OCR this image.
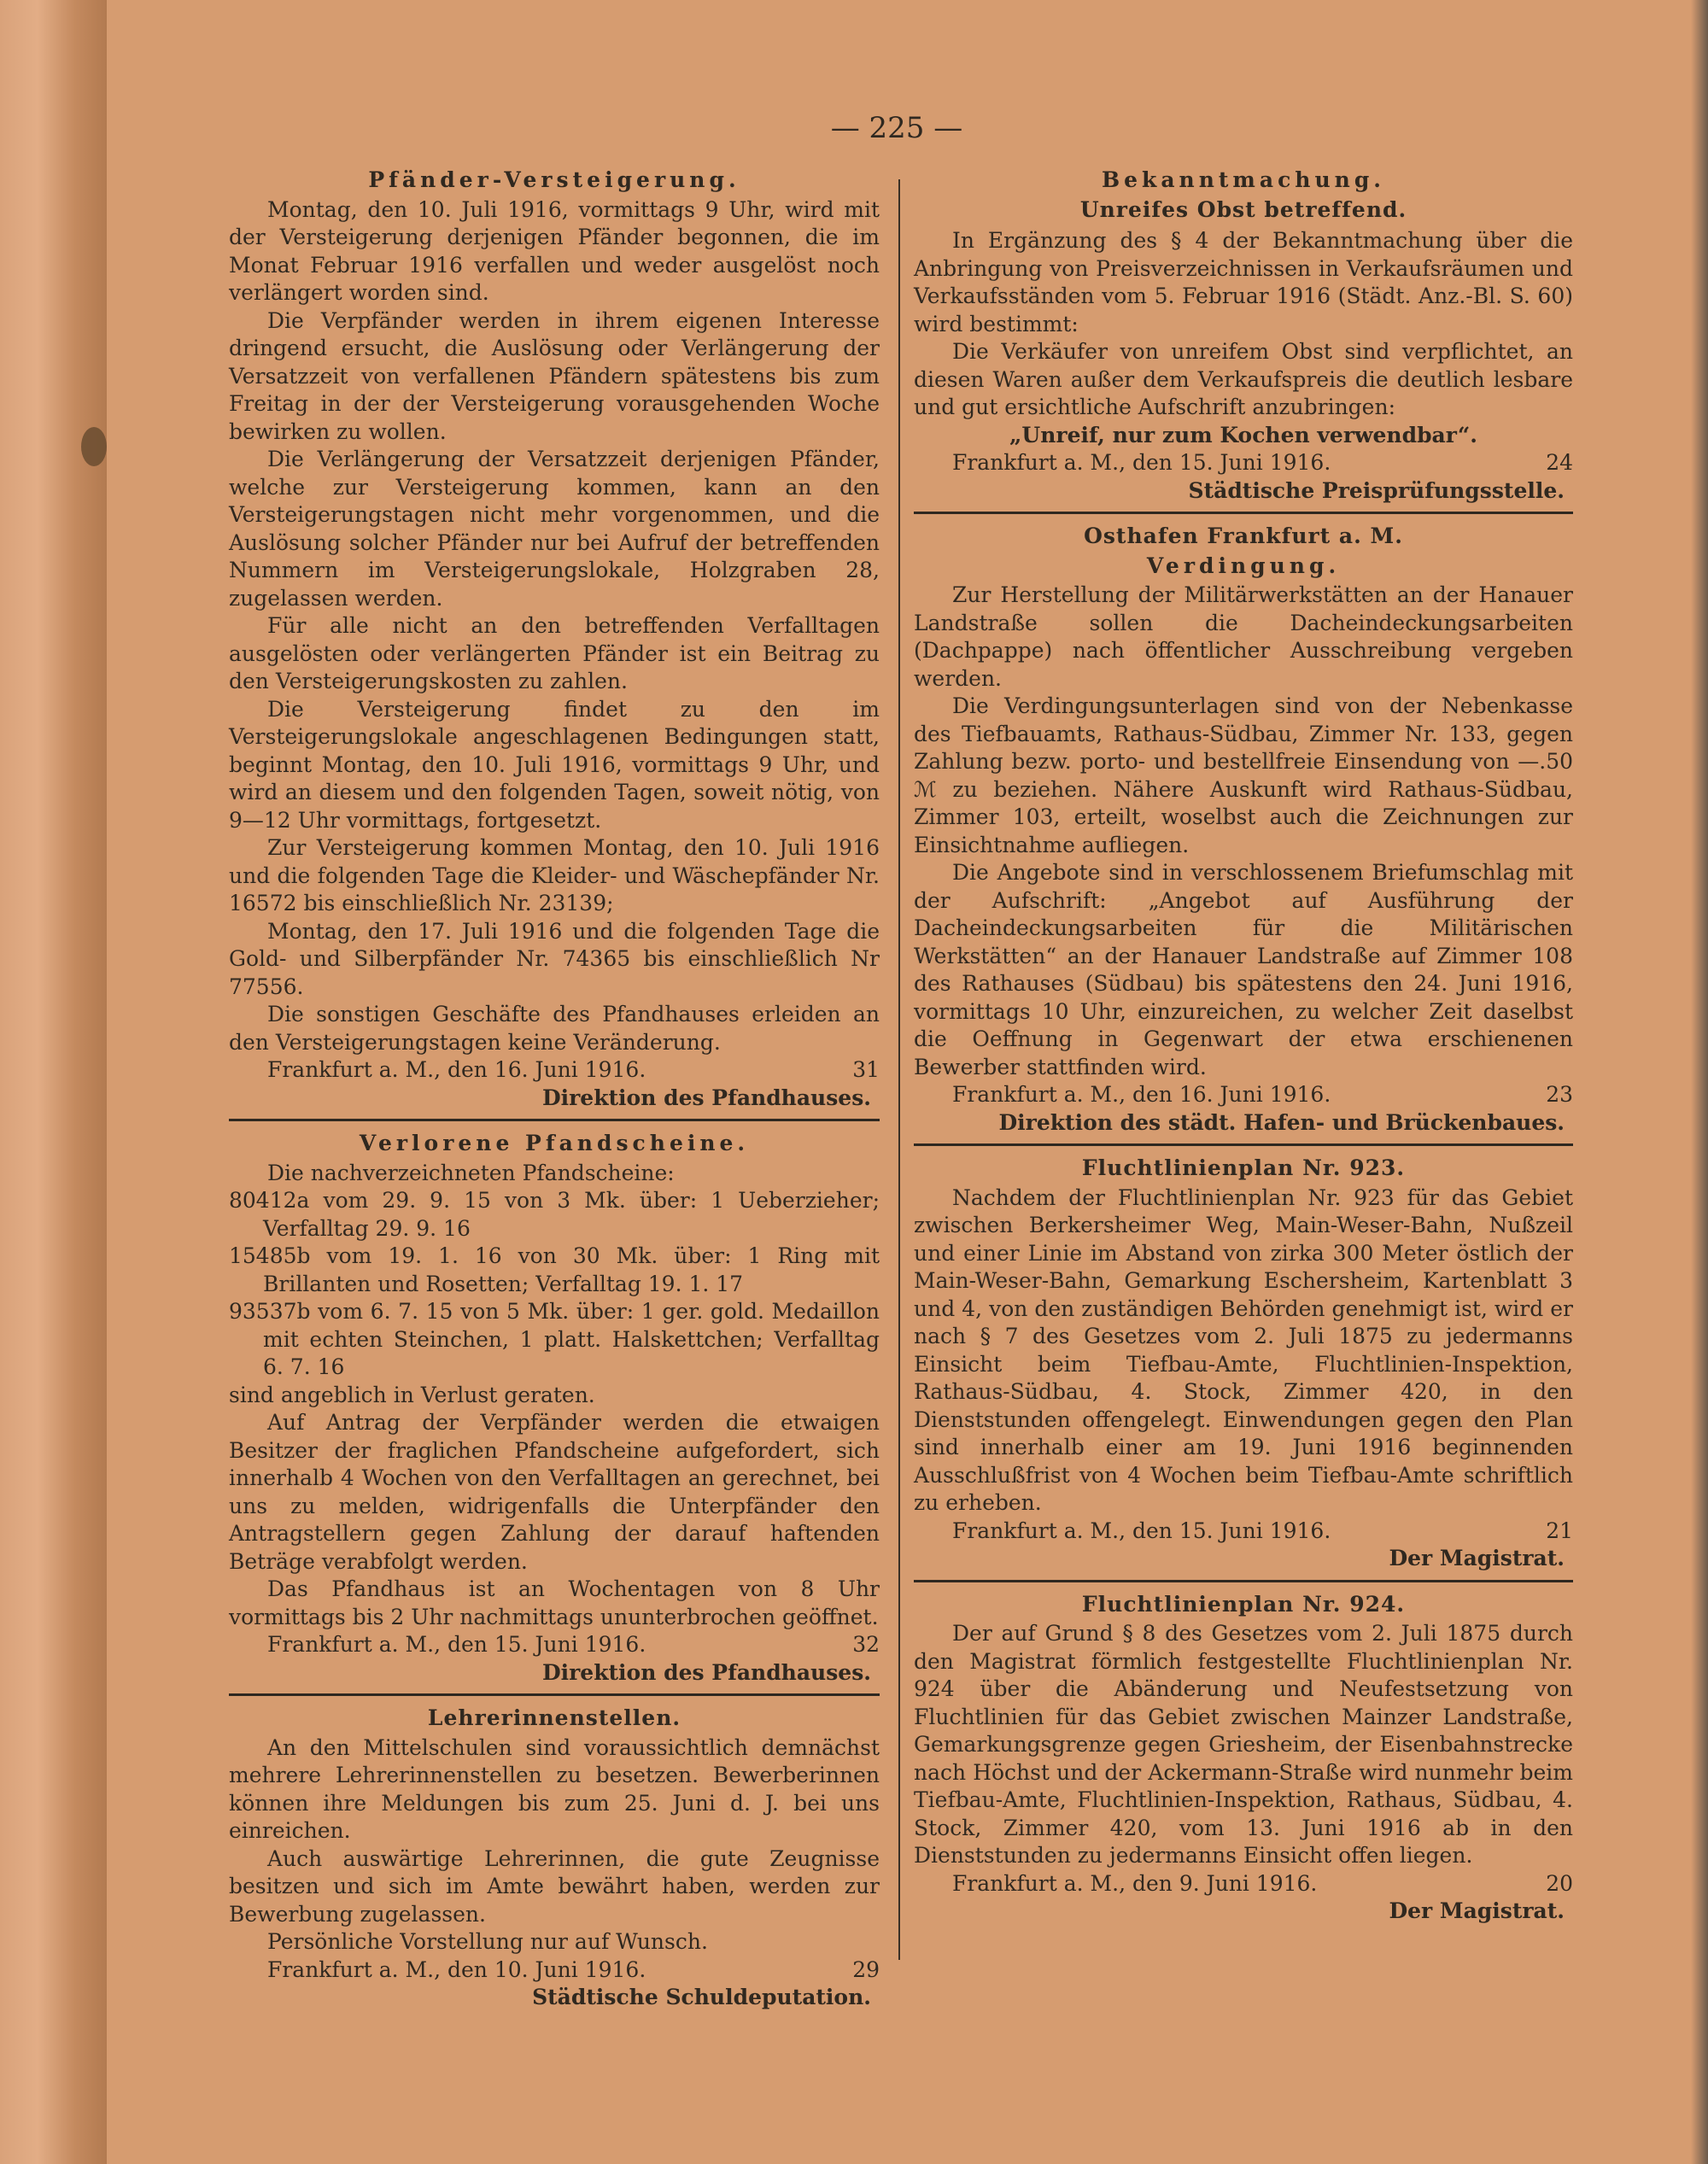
— 225 —
Pfänder-Versteigerung.

Montag, den 10. Juli 1916, vormittags 9 Uhr, wird mit der Versteigerung derjenigen Pfänder begonnen, die im Monat Februar 1916 verfallen und weder ausgelöst noch verlängert worden sind.

Die Verpfänder werden in ihrem eigenen Interesse dringend ersucht, die Auslösung oder Verlängerung der Versatzzeit von verfallenen Pfändern spätestens bis zum Freitag in der der Versteigerung vorausgehenden Woche bewirken zu wollen.

Die Verlängerung der Versatzzeit derjenigen Pfänder, welche zur Versteigerung kommen, kann an den Versteigerungstagen nicht mehr vorgenommen, und die Auslösung solcher Pfänder nur bei Aufruf der betreffenden Nummern im Versteigerungslokale, Holzgraben 28, zugelassen werden.

Für alle nicht an den betreffenden Verfalltagen ausgelösten oder verlängerten Pfänder ist ein Beitrag zu den Versteigerungskosten zu zahlen.

Die Versteigerung findet zu den im Versteigerungslokale angeschlagenen Bedingungen statt, beginnt Montag, den 10. Juli 1916, vormittags 9 Uhr, und wird an diesem und den folgenden Tagen, soweit nötig, von 9—12 Uhr vormittags, fortgesetzt.

Zur Versteigerung kommen Montag, den 10. Juli 1916 und die folgenden Tage die Kleider- und Wäschepfänder Nr. 16572 bis einschließlich Nr. 23139;

Montag, den 17. Juli 1916 und die folgenden Tage die Gold- und Silberpfänder Nr. 74365 bis einschließlich Nr 77556.

Die sonstigen Geschäfte des Pfandhauses erleiden an den Versteigerungstagen keine Veränderung.

Frankfurt a. M., den 16. Juni 1916.	31
Direktion des Pfandhauses.
Verlorene Pfandscheine.

Die nachverzeichneten Pfandscheine:

80412a vom 29. 9. 15 von 3 Mk. über: 1 Ueberzieher; Verfalltag 29. 9. 16

15485b vom 19. 1. 16 von 30 Mk. über: 1 Ring mit Brillanten und Rosetten; Verfalltag 19. 1. 17

93537b vom 6. 7. 15 von 5 Mk. über: 1 ger. gold. Medaillon mit echten Steinchen, 1 platt. Halskettchen; Verfalltag 6. 7. 16

sind angeblich in Verlust geraten.

Auf Antrag der Verpfänder werden die etwaigen Besitzer der fraglichen Pfandscheine aufgefordert, sich innerhalb 4 Wochen von den Verfalltagen an gerechnet, bei uns zu melden, widrigenfalls die Unterpfänder den Antragstellern gegen Zahlung der darauf haftenden Beträge verabfolgt werden.

Das Pfandhaus ist an Wochentagen von 8 Uhr vormittags bis 2 Uhr nachmittags ununterbrochen geöffnet.

Frankfurt a. M., den 15. Juni 1916.	32
Direktion des Pfandhauses.
Lehrerinnenstellen.

An den Mittelschulen sind voraussichtlich demnächst mehrere Lehrerinnenstellen zu besetzen. Bewerberinnen können ihre Meldungen bis zum 25. Juni d. J. bei uns einreichen.

Auch auswärtige Lehrerinnen, die gute Zeugnisse besitzen und sich im Amte bewährt haben, werden zur Bewerbung zugelassen.

Persönliche Vorstellung nur auf Wunsch.

Frankfurt a. M., den 10. Juni 1916.	29
Städtische Schuldeputation.
Bekanntmachung.
Unreifes Obst betreffend.

In Ergänzung des § 4 der Bekanntmachung über die Anbringung von Preisverzeichnissen in Verkaufsräumen und Verkaufsständen vom 5. Februar 1916 (Städt. Anz.-Bl. S. 60) wird bestimmt:

Die Verkäufer von unreifem Obst sind verpflichtet, an diesen Waren außer dem Verkaufspreis die deutlich lesbare und gut ersichtliche Aufschrift anzubringen:

„Unreif, nur zum Kochen verwendbar“.
Frankfurt a. M., den 15. Juni 1916.	24
Städtische Preisprüfungsstelle.
Osthafen Frankfurt a. M.
Verdingung.

Zur Herstellung der Militärwerkstätten an der Hanauer Landstraße sollen die Dacheindeckungsarbeiten (Dachpappe) nach öffentlicher Ausschreibung vergeben werden.

Die Verdingungsunterlagen sind von der Nebenkasse des Tiefbauamts, Rathaus-Südbau, Zimmer Nr. 133, gegen Zahlung bezw. porto- und bestellfreie Einsendung von —.50 ℳ zu beziehen. Nähere Auskunft wird Rathaus-Südbau, Zimmer 103, erteilt, woselbst auch die Zeichnungen zur Einsichtnahme aufliegen.

Die Angebote sind in verschlossenem Briefumschlag mit der Aufschrift: „Angebot auf Ausführung der Dacheindeckungsarbeiten für die Militärischen Werkstätten“ an der Hanauer Landstraße auf Zimmer 108 des Rathauses (Südbau) bis spätestens den 24. Juni 1916, vormittags 10 Uhr, einzureichen, zu welcher Zeit daselbst die Oeffnung in Gegenwart der etwa erschienenen Bewerber stattfinden wird.

Frankfurt a. M., den 16. Juni 1916.	23
Direktion des städt. Hafen- und Brückenbaues.
Fluchtlinienplan Nr. 923.

Nachdem der Fluchtlinienplan Nr. 923 für das Gebiet zwischen Berkersheimer Weg, Main-Weser-Bahn, Nußzeil und einer Linie im Abstand von zirka 300 Meter östlich der Main-Weser-Bahn, Gemarkung Eschersheim, Kartenblatt 3 und 4, von den zuständigen Behörden genehmigt ist, wird er nach § 7 des Gesetzes vom 2. Juli 1875 zu jedermanns Einsicht beim Tiefbau-Amte, Fluchtlinien-Inspektion, Rathaus-Südbau, 4. Stock, Zimmer 420, in den Dienststunden offengelegt. Einwendungen gegen den Plan sind innerhalb einer am 19. Juni 1916 beginnenden Ausschlußfrist von 4 Wochen beim Tiefbau-Amte schriftlich zu erheben.

Frankfurt a. M., den 15. Juni 1916.	21
Der Magistrat.
Fluchtlinienplan Nr. 924.

Der auf Grund § 8 des Gesetzes vom 2. Juli 1875 durch den Magistrat förmlich festgestellte Fluchtlinienplan Nr. 924 über die Abänderung und Neufestsetzung von Fluchtlinien für das Gebiet zwischen Mainzer Landstraße, Gemarkungsgrenze gegen Griesheim, der Eisenbahnstrecke nach Höchst und der Ackermann-Straße wird nunmehr beim Tiefbau-Amte, Fluchtlinien-Inspektion, Rathaus, Südbau, 4. Stock, Zimmer 420, vom 13. Juni 1916 ab in den Dienststunden zu jedermanns Einsicht offen liegen.

Frankfurt a. M., den 9. Juni 1916.	20
Der Magistrat.
